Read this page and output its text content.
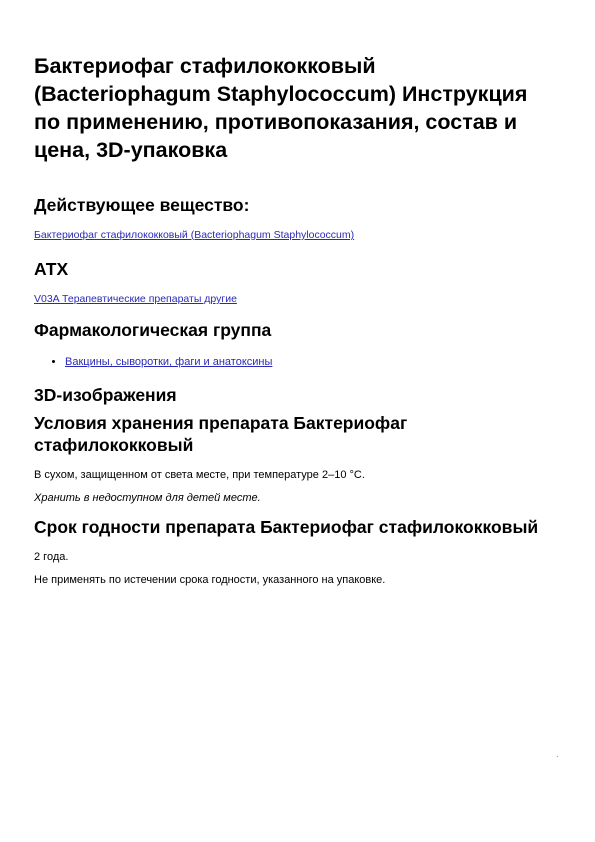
Бактериофаг стафилококковый (Bacteriophagum Staphylococcum) Инструкция по применению, противопоказания, состав и цена, 3D-упаковка
Действующее вещество:

Бактериофаг стафилококковый (Bacteriophagum Staphylococcum)

АТХ

V03A Терапевтические препараты другие

Фармакологическая группа
• Вакцины, сыворотки, фаги и анатоксины
3D-изображения
Условия хранения препарата Бактериофаг стафилококковый

В сухом, защищенном от света месте, при температуре 2–10 °C.

Хранить в недоступном для детей месте.

Срок годности препарата Бактериофаг стафилококковый

2 года.

Не применять по истечении срока годности, указанного на упаковке.
